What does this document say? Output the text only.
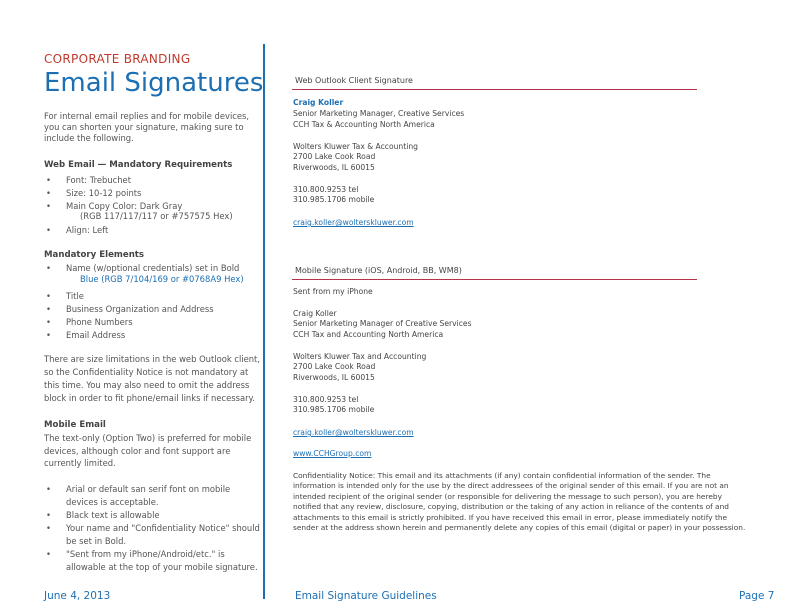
CORPORATE BRANDING
Email Signatures
For internal email replies and for mobile devices,
you can shorten your signature, making sure to
include the following.
Web Email — Mandatory Requirements
• Font: Trebuchet
• Size: 10-12 points
• Main Copy Color: Dark Gray
(RGB 117/117/117 or #757575 Hex)
• Align: Left
Mandatory Elements
• Name (w/optional credentials) set in Bold
Blue (RGB 7/104/169 or #0768A9 Hex)
• Title
• Business Organization and Address
• Phone Numbers
• Email Address
There are size limitations in the web Outlook client,
so the Confidentiality Notice is not mandatory at
this time. You may also need to omit the address
block in order to fit phone/email links if necessary.
Mobile Email
The text-only (Option Two) is preferred for mobile
devices, although color and font support are
currently limited.
• Arial or default san serif font on mobile
devices is acceptable.
• Black text is allowable
• Your name and "Confidentiality Notice" should
be set in Bold.
• "Sent from my iPhone/Android/etc." is
allowable at the top of your mobile signature.
Web Outlook Client Signature
Craig Koller
Senior Marketing Manager, Creative Services
CCH Tax & Accounting North America
Wolters Kluwer Tax & Accounting
2700 Lake Cook Road
Riverwoods, IL 60015
310.800.9253 tel
310.985.1706 mobile
craig.koller@wolterskluwer.com
Mobile Signature (iOS, Android, BB, WM8)
Sent from my iPhone
Craig Koller
Senior Marketing Manager of Creative Services
CCH Tax and Accounting North America
Wolters Kluwer Tax and Accounting
2700 Lake Cook Road
Riverwoods, IL 60015
310.800.9253 tel
310.985.1706 mobile
craig.koller@wolterskluwer.com
www.CCHGroup.com
Confidentiality Notice: This email and its attachments (if any) contain confidential information of the sender. The
information is intended only for the use by the direct addressees of the original sender of this email. If you are not an
intended recipient of the original sender (or responsible for delivering the message to such person), you are hereby
notified that any review, disclosure, copying, distribution or the taking of any action in reliance of the contents of and
attachments to this email is strictly prohibited. If you have received this email in error, please immediately notify the
sender at the address shown herein and permanently delete any copies of this email (digital or paper) in your possession.
June 4, 2013	Email Signature Guidelines	Page 7
